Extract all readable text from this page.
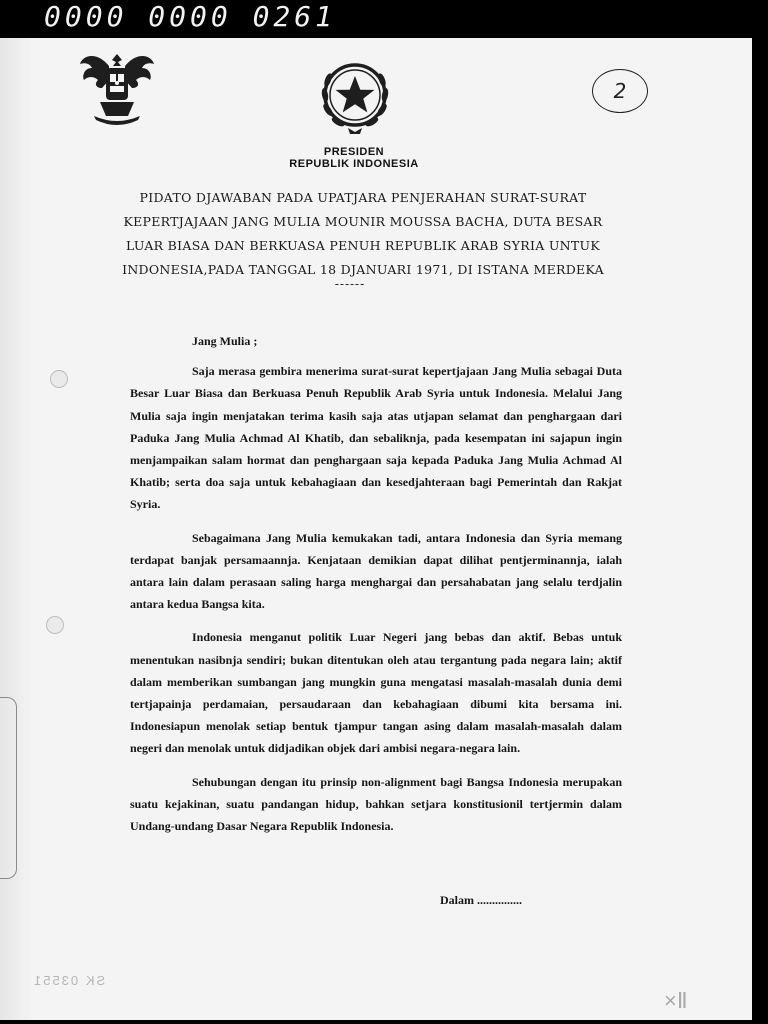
0000 0000 0261
2
PRESIDEN
REPUBLIK INDONESIA
PIDATO DJAWABAN PADA UPATJARA PENJERAHAN SURAT-SURAT
KEPERTJAJAAN JANG MULIA MOUNIR MOUSSA BACHA, DUTA BESAR
LUAR BIASA DAN BERKUASA PENUH REPUBLIK ARAB SYRIA UNTUK
INDONESIA,PADA TANGGAL 18 DJANUARI 1971, DI ISTANA MERDEKA
------

Jang Mulia ;

Saja merasa gembira menerima surat-surat kepertjajaan Jang Mulia sebagai Duta Besar Luar Biasa dan Berkuasa Penuh Republik Arab Syria untuk Indonesia. Melalui Jang Mulia saja ingin menjatakan terima kasih saja atas utjapan selamat dan penghargaan dari Paduka Jang Mulia Achmad Al Khatib, dan sebaliknja, pada kesempatan ini sajapun ingin menjampaikan salam hormat dan penghargaan saja kepada Paduka Jang Mulia Achmad Al Khatib; serta doa saja untuk kebahagiaan dan kesedjahteraan bagi Pemerintah dan Rakjat Syria.

Sebagaimana Jang Mulia kemukakan tadi, antara Indonesia dan Syria memang terdapat banjak persamaannja. Kenjataan demikian dapat dilihat pentjerminannja, ialah antara lain dalam perasaan saling harga menghargai dan persahabatan jang selalu terdjalin antara kedua Bangsa kita.

Indonesia menganut politik Luar Negeri jang bebas dan aktif. Bebas untuk menentukan nasibnja sendiri; bukan ditentukan oleh atau tergantung pada negara lain; aktif dalam memberikan sumbangan jang mungkin guna mengatasi masalah-masalah dunia demi tertjapainja perdamaian, persaudaraan dan kebahagiaan dibumi kita bersama ini. Indonesiapun menolak setiap bentuk tjampur tangan asing dalam masalah-masalah dalam negeri dan menolak untuk didjadikan objek dari ambisi negara-negara lain.

Sehubungan dengan itu prinsip non-alignment bagi Bangsa Indonesia merupakan suatu kejakinan, suatu pandangan hidup, bahkan setjara konstitusionil tertjermin dalam Undang-undang Dasar Negara Republik Indonesia.

Dalam ...............
SK 03551
×Ⅱ
